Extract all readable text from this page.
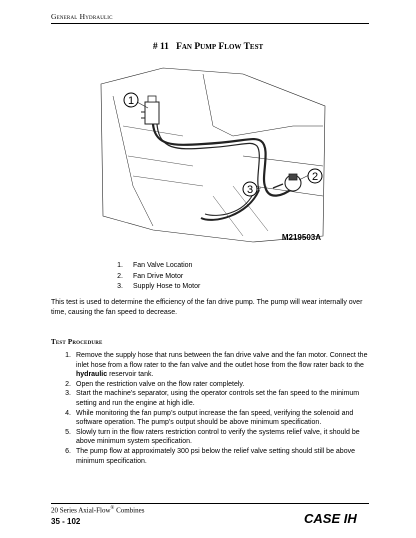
General Hydraulic
# 11 Fan Pump Flow Test
1
2
3
M219503A
1.	Fan Valve Location
2.	Fan Drive Motor
3.	Supply Hose to Motor
This test is used to determine the efficiency of the fan drive pump. The pump will wear internally over time, causing the fan speed to decrease.
Test Procedure
1. Remove the supply hose that runs between the fan drive valve and the fan motor. Connect the inlet hose from a flow rater to the fan valve and the outlet hose from the flow rater back to the hydraulic reservoir tank.
2. Open the restriction valve on the flow rater completely.
3. Start the machine’s separator, using the operator controls set the fan speed to the minimum setting and run the engine at high idle.
4. While monitoring the fan pump’s output increase the fan speed, verifying the solenoid and software operation. The pump’s output should be above minimum specification.
5. Slowly turn in the flow raters restriction control to verify the systems relief valve, it should be above minimum system specification.
6. The pump flow at approximately 300 psi below the relief valve setting should still be above minimum specification.
20 Series Axial-Flow® Combines
35 - 102	CASE IH
